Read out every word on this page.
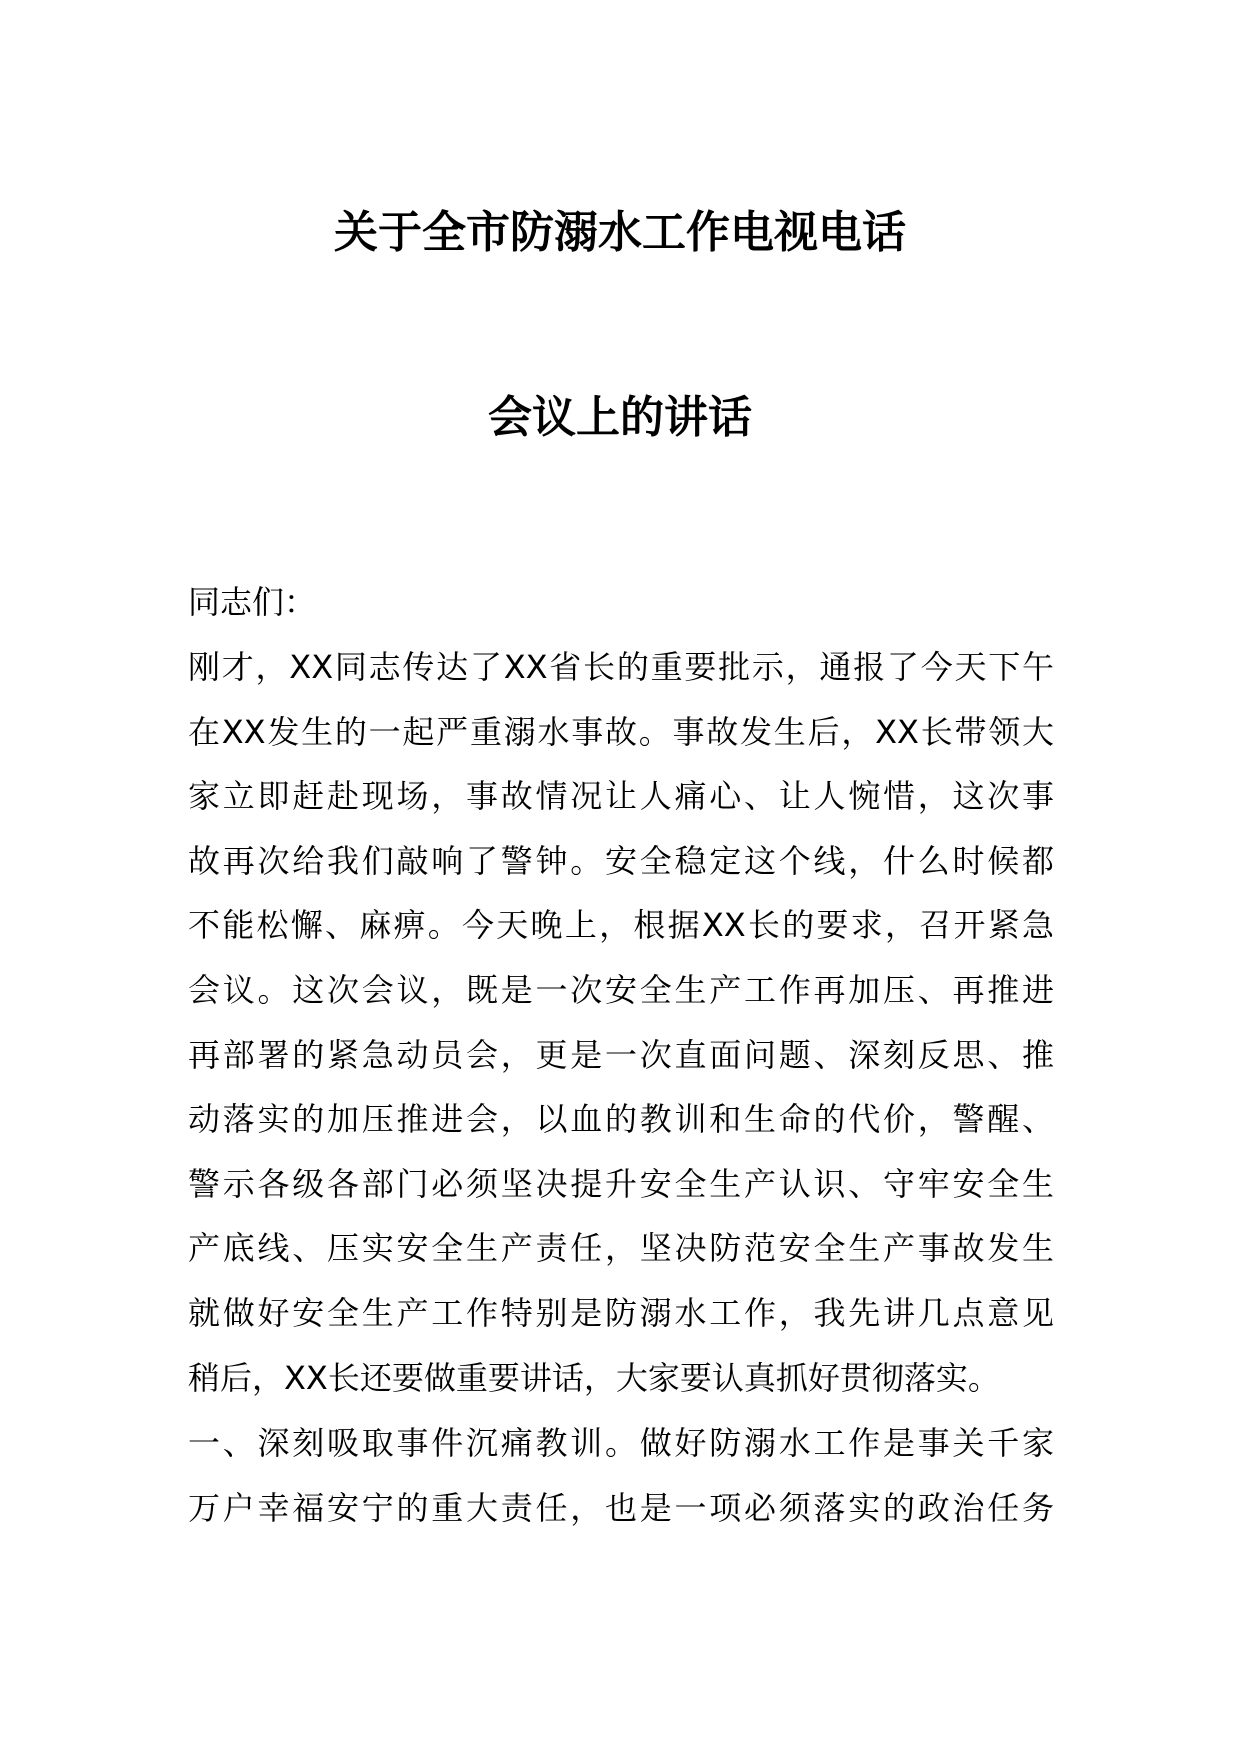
关于全市防溺水工作电视电话
会议上的讲话

同志们：

刚才，XX同志传达了XX省长的重要批示，通报了今天下午
在XX发生的一起严重溺水事故。事故发生后，XX长带领大
家立即赶赴现场，事故情况让人痛心、让人惋惜，这次事
故再次给我们敲响了警钟。安全稳定这个线，什么时候都
不能松懈、麻痹。今天晚上，根据XX长的要求，召开紧急
会议。这次会议，既是一次安全生产工作再加压、再推进
再部署的紧急动员会，更是一次直面问题、深刻反思、推
动落实的加压推进会，以血的教训和生命的代价，警醒、
警示各级各部门必须坚决提升安全生产认识、守牢安全生
产底线、压实安全生产责任，坚决防范安全生产事故发生
就做好安全生产工作特别是防溺水工作，我先讲几点意见
稍后，XX长还要做重要讲话，大家要认真抓好贯彻落实。
一、深刻吸取事件沉痛教训。做好防溺水工作是事关千家
万户幸福安宁的重大责任，也是一项必须落实的政治任务
